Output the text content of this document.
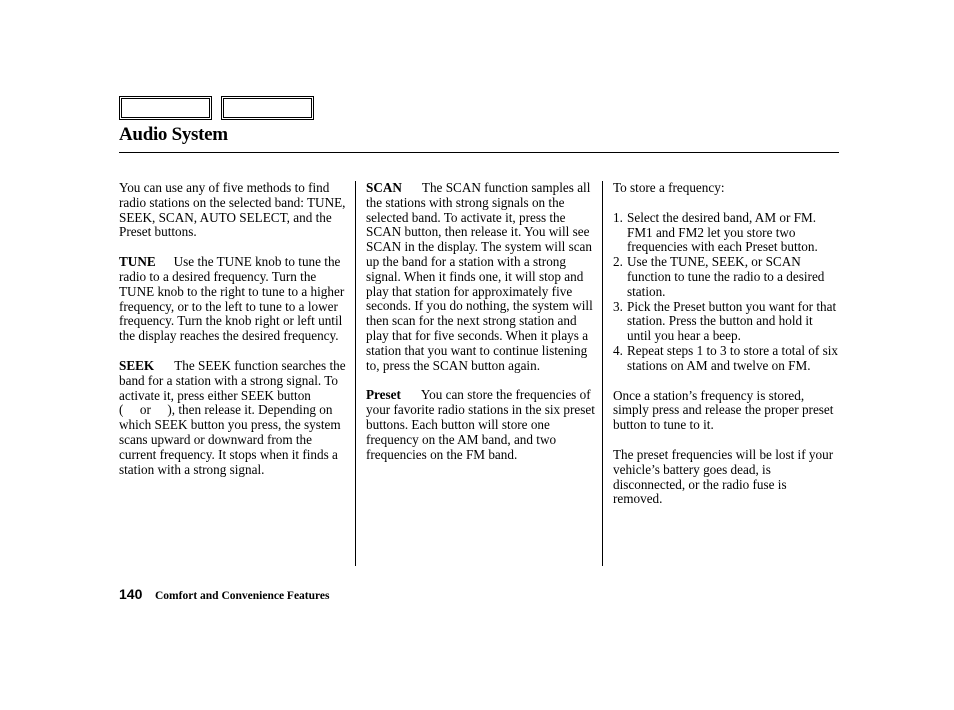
Audio System

You can use any of five methods to find radio stations on the selected band: TUNE, SEEK, SCAN, AUTO SELECT, and the Preset buttons.

TUNE Use the TUNE knob to tune the radio to a desired frequency. Turn the TUNE knob to the right to tune to a higher frequency, or to the left to tune to a lower frequency. Turn the knob right or left until the display reaches the desired frequency.

SEEK The SEEK function searches the band for a station with a strong signal. To activate it, press either SEEK button (     or     ), then release it. Depending on which SEEK button you press, the system scans upward or downward from the current frequency. It stops when it finds a station with a strong signal.

SCAN The SCAN function samples all the stations with strong signals on the selected band. To activate it, press the SCAN button, then release it. You will see SCAN in the display. The system will scan up the band for a station with a strong signal. When it finds one, it will stop and play that station for approximately five seconds. If you do nothing, the system will then scan for the next strong station and play that for five seconds. When it plays a station that you want to continue listening to, press the SCAN button again.

Preset You can store the frequencies of your favorite radio stations in the six preset buttons. Each button will store one frequency on the AM band, and two frequencies on the FM band.

To store a frequency:

1. Select the desired band, AM or FM. FM1 and FM2 let you store two frequencies with each Preset button.
2. Use the TUNE, SEEK, or SCAN function to tune the radio to a desired station.
3. Pick the Preset button you want for that station. Press the button and hold it until you hear a beep.
4. Repeat steps 1 to 3 to store a total of six stations on AM and twelve on FM.

Once a station’s frequency is stored, simply press and release the proper preset button to tune to it.

The preset frequencies will be lost if your vehicle’s battery goes dead, is disconnected, or the radio fuse is removed.

140 Comfort and Convenience Features
